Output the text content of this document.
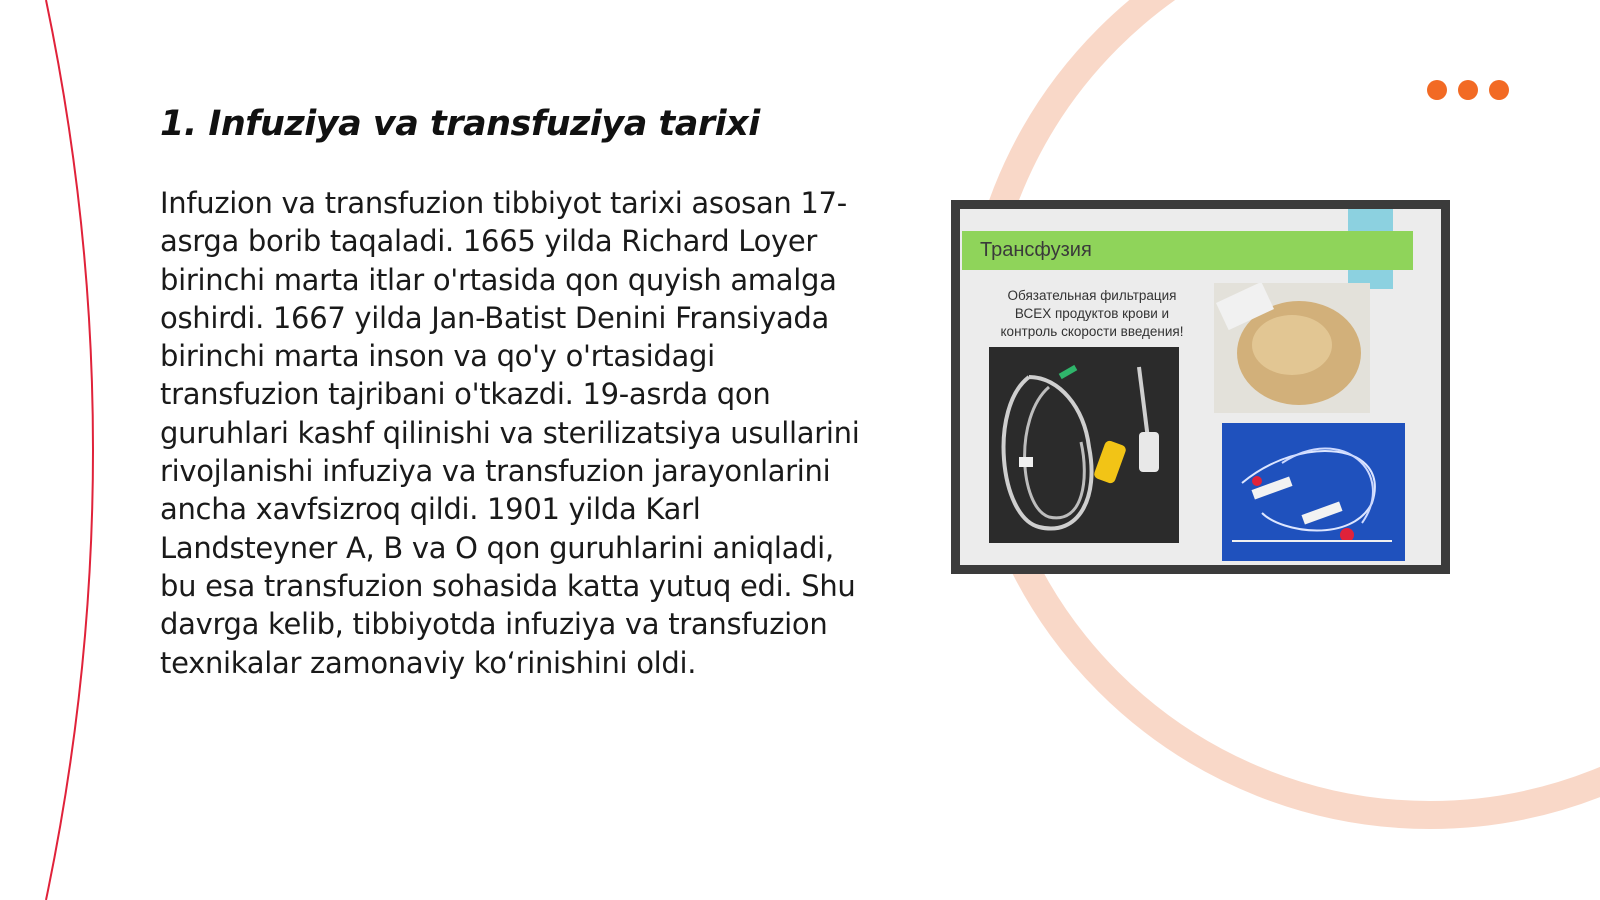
1. Infuziya va transfuziya tarixi

Infuzion va transfuzion tibbiyot tarixi asosan 17-asrga borib taqaladi. 1665 yilda Richard Loyer birinchi marta itlar o'rtasida qon quyish amalga oshirdi. 1667 yilda Jan-Batist Denini Fransiyada birinchi marta inson va qo'y o'rtasidagi transfuzion tajribani o'tkazdi. 19-asrda qon guruhlari kashf qilinishi va sterilizatsiya usullarini rivojlanishi infuziya va transfuzion jarayonlarini ancha xavfsizroq qildi. 1901 yilda Karl Landsteyner A, B va O qon guruhlarini aniqladi, bu esa transfuzion sohasida katta yutuq edi. Shu davrga kelib, tibbiyotda infuziya va transfuzion texnikalar zamonaviy ko‘rinishini oldi.

Трансфузия
Обязательная фильтрация
ВСЕХ продуктов крови и
контроль скорости введения!
